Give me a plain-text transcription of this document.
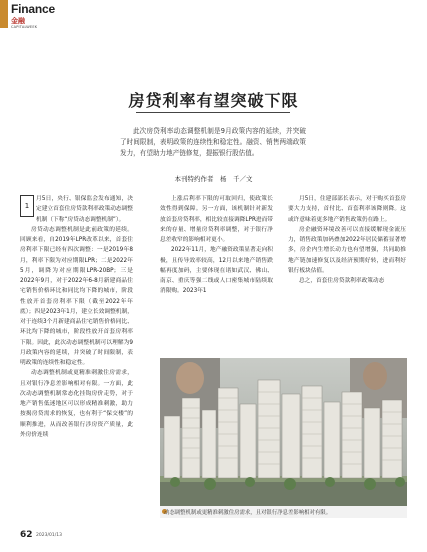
Finance
金融
CAPITALWEEK
房贷利率有望突破下限

此次房贷利率动态调整机制是9月政策内容的延续，并突破了时间限制，表明政策的连续性和稳定性。融资、销售两端政策发力，有望助力地产链修复，提振银行股估值。

本刊特约作者　杨　千／文

1
月5日，央行、银保监会发布通知，决定建立首套住房贷款利率政策动态调整机制（下称“房贷动态调整机制”）。

房贷动态调整机制是此前政策的延续。回顾来看，自2019年LPR改革以来，首套住房利率下限已经有四次调整：一是2019年8月，利率下限为对应期限LPR；二是2022年5月，调降为对应期限LPR-20BP；三是2022年9月，对于2022年6-8月新建商品住宅销售价格环比和同比均下降的城市，阶段性放开首套房利率下限（截至2022年年底）；四是2023年1月，建立长效调整机制，对于连续3个月新建商品住宅销售价格同比、环比均下降的城市，阶段性放开首套房利率下限。因此，此次动态调整机制可以理解为9月政策内容的延续，并突破了时间限制，表明政策的连续性和稳定性。

动态调整机制或更精准刺激住房需求，且对银行净息差影响相对有限。一方面，此次动态调整机制常态化挂钩房价走势，对于地产销售低迷地区可以形成精准刺激，助力按揭房贷需求的恢复，也有利于“保交楼”的顺利推进，从而改善银行涉房资产质量，此外房价连续

上涨后利率下限的可取回归，使政策长效性得到保障。另一方面，该机制针对新发放首套房贷利率，相比较直接调降LPR进而带来的存量、增量房贷利率调整，对于银行净息差收窄的影响相对更小。

2022年11月，地产融资政策显著走向积极，且传导效率较高，12月以来地产销售跌幅再度加码，主要体现在诸如武汉、佛山、南京、重庆等强二线或人口密集城市陆续取消限购。2023年1

月5日，住建部部长表示，对于购买首套房要大力支持，首付比、首套利率该降则降。这或许意味着更多地产销售政策仍在路上。

房企融资环境改善可以直接缓解现金流压力，销售政策加码叠加2022年居民储蓄显著增多，房企内生增长动力也有望增强，共同助推地产链加速修复以及经济预期好转，进而利好银行板块估值。

总之，首套住房贷款利率政策动态

动态调整机制或更精准刺激住房需求，且对银行净息差影响相对有限。
62 2023/01/13
